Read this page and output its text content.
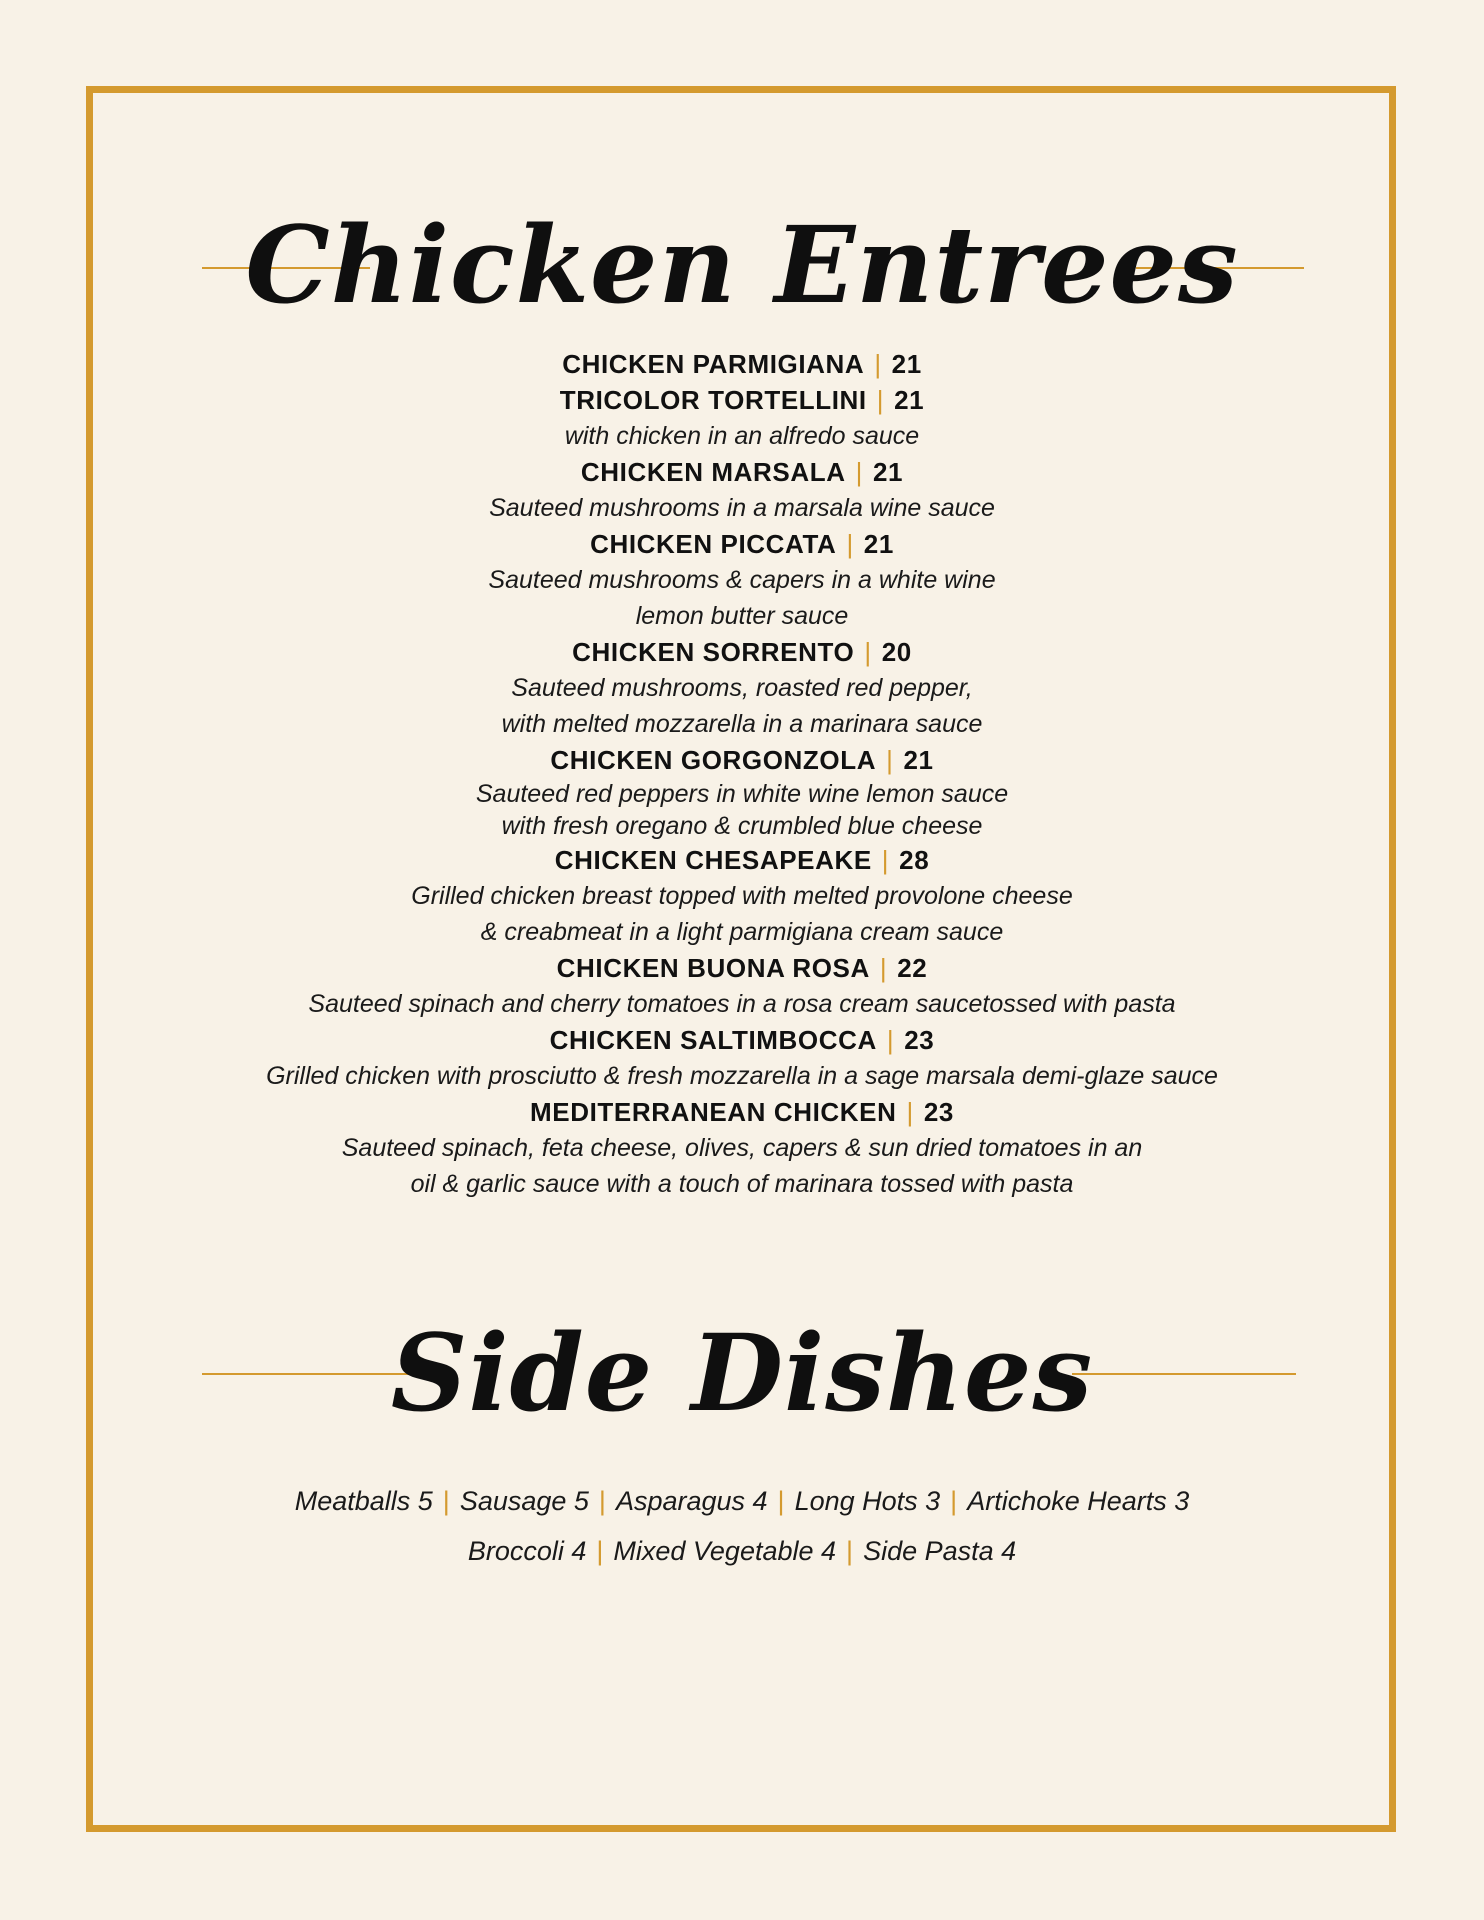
Chicken Entrees
CHICKEN PARMIGIANA | 21
TRICOLOR TORTELLINI | 21
with chicken in an alfredo sauce
CHICKEN MARSALA | 21
Sauteed mushrooms in a marsala wine sauce
CHICKEN PICCATA | 21
Sauteed mushrooms & capers in a white wine
lemon butter sauce
CHICKEN SORRENTO | 20
Sauteed mushrooms, roasted red pepper,
with melted mozzarella in a marinara sauce
CHICKEN GORGONZOLA | 21
Sauteed red peppers in white wine lemon sauce
with fresh oregano & crumbled blue cheese
CHICKEN CHESAPEAKE | 28
Grilled chicken breast topped with melted provolone cheese
& creabmeat in a light parmigiana cream sauce
CHICKEN BUONA ROSA | 22
Sauteed spinach and cherry tomatoes in a rosa cream saucetossed with pasta
CHICKEN SALTIMBOCCA | 23
Grilled chicken with prosciutto & fresh mozzarella in a sage marsala demi-glaze sauce
MEDITERRANEAN CHICKEN | 23
Sauteed spinach, feta cheese, olives, capers & sun dried tomatoes in an
oil & garlic sauce with a touch of marinara tossed with pasta
Side Dishes
Meatballs 5 | Sausage 5 | Asparagus 4 | Long Hots 3 | Artichoke Hearts 3
Broccoli 4 | Mixed Vegetable 4 | Side Pasta 4
